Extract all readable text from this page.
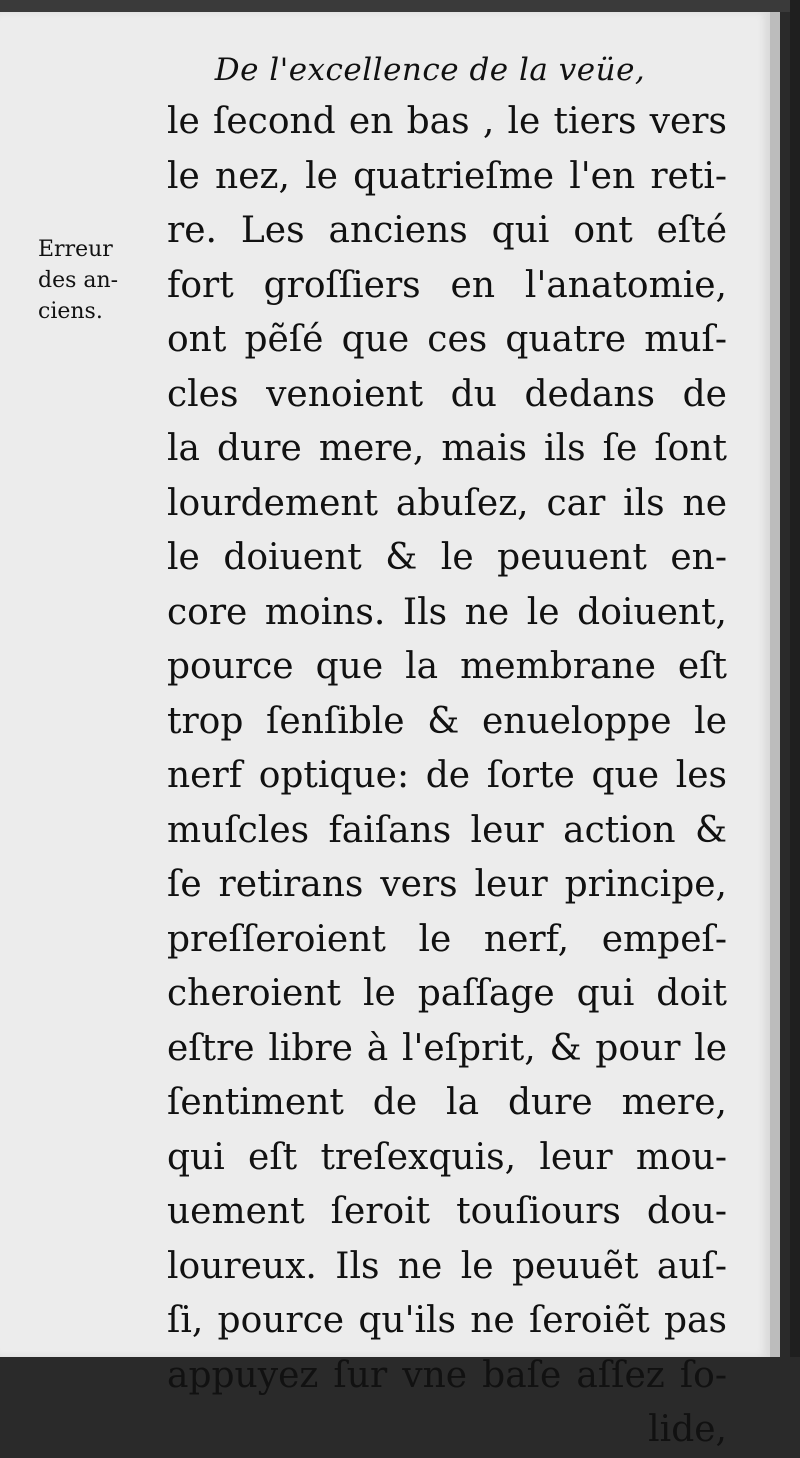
De l'excellence de la veüe,
Erreur
des an-
ciens.
le ſecond en bas , le tiers vers
le nez, le quatrieſme l'en reti-
re. Les anciens qui ont eſté
fort groſſiers en l'anatomie,
ont pẽſé que ces quatre muſ-
cles venoient du dedans de
la dure mere, mais ils ſe ſont
lourdement abuſez, car ils ne
le doiuent & le peuuent en-
core moins. Ils ne le doiuent,
pource que la membrane eſt
trop ſenſible & enueloppe le
nerf optique: de ſorte que les
muſcles faiſans leur action &
ſe retirans vers leur principe,
preſſeroient le nerf, empeſ-
cheroient le paſſage qui doit
eſtre libre à l'eſprit, & pour le
ſentiment de la dure mere,
qui eſt treſexquis, leur mou-
uement ſeroit touſiours dou-
loureux. Ils ne le peuuẽt auſ-
ſi, pource qu'ils ne ſeroiẽt pas
appuyez ſur vne baſe aſſez ſo-
lide,
